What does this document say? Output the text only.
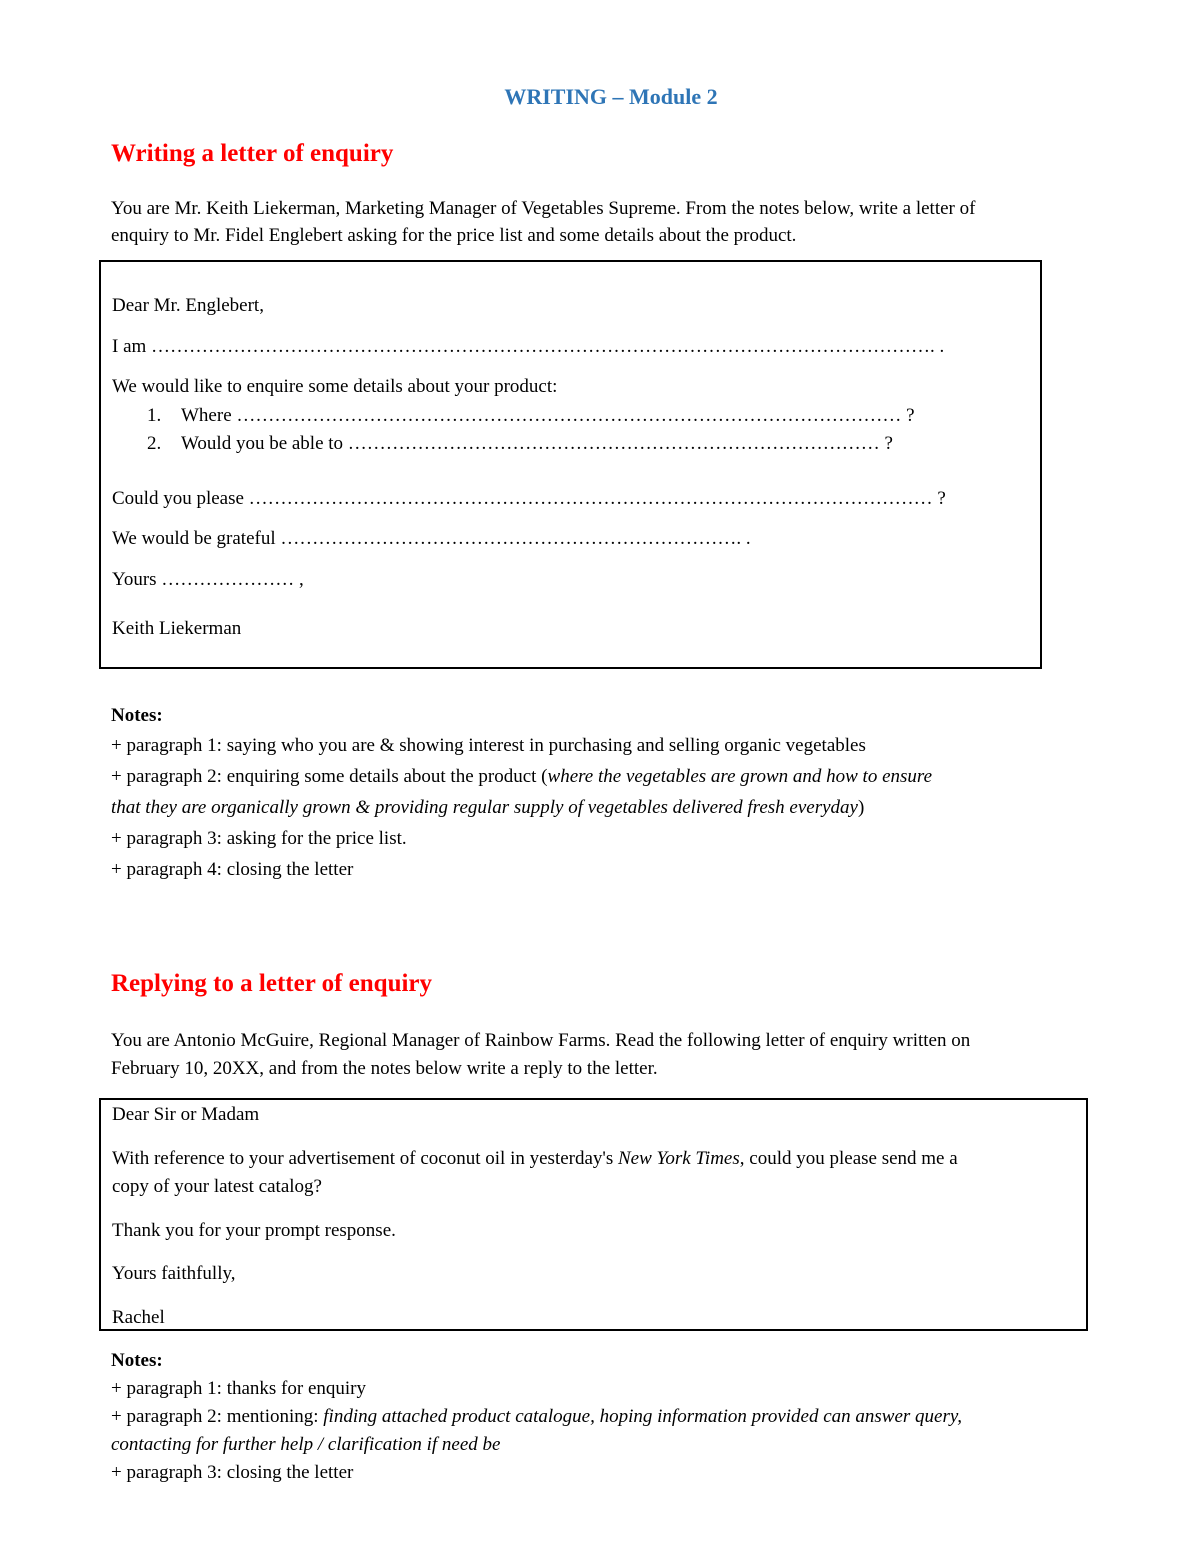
WRITING – Module 2
Writing a letter of enquiry
You are Mr. Keith Liekerman, Marketing Manager of Vegetables Supreme. From the notes below, write a letter of
enquiry to Mr. Fidel Englebert asking for the price list and some details about the product.
Dear Mr. Englebert,
I am ……………………………………………………………………………………………………………. .
We would like to enquire some details about your product:
1. Where …………………………………………………………………………………………… ?
2. Would you be able to ………………………………………………………………………… ?
Could you please ……………………………………………………………………………………………… ?
We would be grateful ………………………………………………………………. .
Yours ………………… ,
Keith Liekerman
Notes:
+ paragraph 1: saying who you are & showing interest in purchasing and selling organic vegetables
+ paragraph 2: enquiring some details about the product (where the vegetables are grown and how to ensure
that they are organically grown & providing regular supply of vegetables delivered fresh everyday)
+ paragraph 3: asking for the price list.
+ paragraph 4: closing the letter
Replying to a letter of enquiry
You are Antonio McGuire, Regional Manager of Rainbow Farms. Read the following letter of enquiry written on
February 10, 20XX, and from the notes below write a reply to the letter.
Dear Sir or Madam
With reference to your advertisement of coconut oil in yesterday's New York Times, could you please send me a
copy of your latest catalog?
Thank you for your prompt response.
Yours faithfully,
Rachel
Notes:
+ paragraph 1: thanks for enquiry
+ paragraph 2: mentioning: finding attached product catalogue, hoping information provided can answer query,
contacting for further help / clarification if need be
+ paragraph 3: closing the letter
